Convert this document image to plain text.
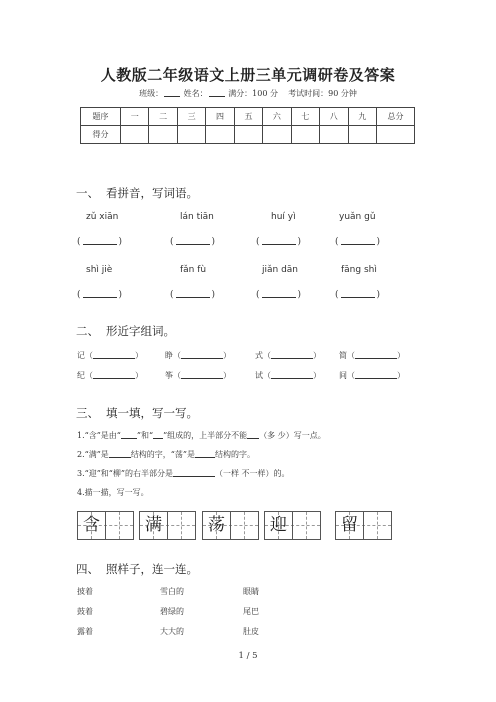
人教版二年级语文上册三单元调研卷及答案
班级：	姓名：	满分：100 分 考试时间：90 分钟
题序	一	二	三	四	五	六	七	八	九	总分
得分										
一、 看拼音，写词语。
zǔ xiān	lán tiān	huí yì	yuǎn gǔ
(	)	(	)	(	)	(	)
shì jiè	fǎn fù	jiǎn dān	fāng shì
(	)	(	)	(	)	(	)
二、 形近字组词。
记（	）	睁（	）	式（	） 简（	）
纪（	）	筝（	）	试（	） 间（	）
三、 填一填，写一写。
1.“含”是由“ ”和“ ”组成的，上半部分不能 （多 少）写一点。
2.“满”是	结构的字，“荡”是	结构的字。
3.“迎”和“柳”的右半部分是	（一样 不一样）的。
4.描一描，写一写。
含	满	荡	迎	留
四、 照样子，连一连。
披着	雪白的	眼睛
鼓着	碧绿的	尾巴
露着	大大的	肚皮
1 / 5
